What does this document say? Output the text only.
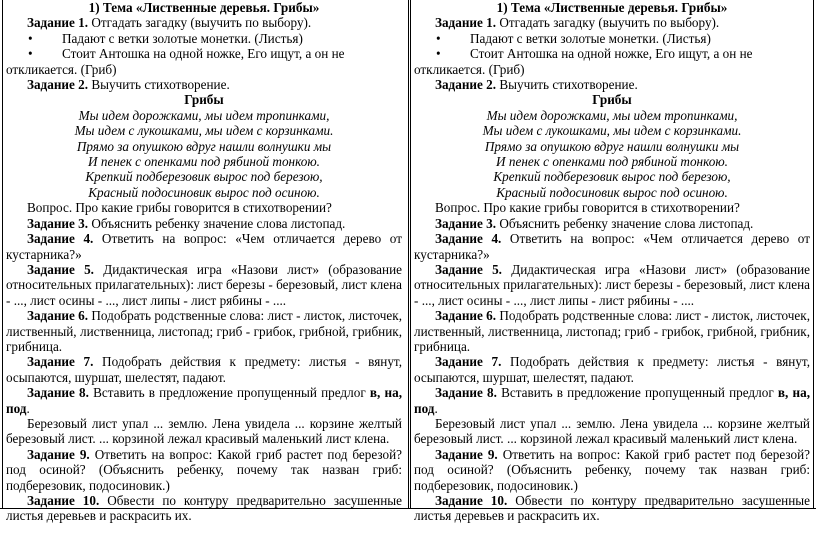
1) Тема «Лиственные деревья. Грибы»
Задание 1. Отгадать загадку (выучить по выбору).
• Падают с ветки золотые монетки. (Листья)
• Стоит Антошка на одной ножке, Его ищут, а он не откликается. (Гриб)
Задание 2. Выучить стихотворение.
Грибы
Мы идем дорожками, мы идем тропинками,
Мы идем с лукошками, мы идем с корзинками.
Прямо за опушкою вдруг нашли волнушки мы
И пенек с опенками под рябиной тонкою.
Крепкий подберезовик вырос под березою,
Красный подосиновик вырос под осиною.
Вопрос. Про какие грибы говорится в стихотворении?
Задание 3. Объяснить ребенку значение слова листопад.
Задание 4. Ответить на вопрос: «Чем отличается дерево от кустарника?»
Задание 5. Дидактическая игра «Назови лист» (образование относительных прилагательных): лист березы - березовый, лист клена - ..., лист осины - ..., лист липы - лист рябины - ....
Задание 6. Подобрать родственные слова: лист - листок, листочек, лиственный, лиственница, листопад; гриб - грибок, грибной, грибник, грибница.
Задание 7. Подобрать действия к предмету: листья - вянут, осыпаются, шуршат, шелестят, падают.
Задание 8. Вставить в предложение пропущенный предлог в, на, под.
Березовый лист упал ... землю. Лена увидела ... корзине желтый березовый лист. ... корзиной лежал красивый маленький лист клена.
Задание 9. Ответить на вопрос: Какой гриб растет под березой? под осиной? (Объяснить ребенку, почему так назван гриб: подберезовик, подосиновик.)
Задание 10. Обвести по контуру предварительно засушенные листья деревьев и раскрасить их.
1) Тема «Лиственные деревья. Грибы»
Задание 1. Отгадать загадку (выучить по выбору).
• Падают с ветки золотые монетки. (Листья)
• Стоит Антошка на одной ножке, Его ищут, а он не откликается. (Гриб)
Задание 2. Выучить стихотворение.
Грибы
Мы идем дорожками, мы идем тропинками,
Мы идем с лукошками, мы идем с корзинками.
Прямо за опушкою вдруг нашли волнушки мы
И пенек с опенками под рябиной тонкою.
Крепкий подберезовик вырос под березою,
Красный подосиновик вырос под осиною.
Вопрос. Про какие грибы говорится в стихотворении?
Задание 3. Объяснить ребенку значение слова листопад.
Задание 4. Ответить на вопрос: «Чем отличается дерево от кустарника?»
Задание 5. Дидактическая игра «Назови лист» (образование относительных прилагательных): лист березы - березовый, лист клена - ..., лист осины - ..., лист липы - лист рябины - ....
Задание 6. Подобрать родственные слова: лист - листок, листочек, лиственный, лиственница, листопад; гриб - грибок, грибной, грибник, грибница.
Задание 7. Подобрать действия к предмету: листья - вянут, осыпаются, шуршат, шелестят, падают.
Задание 8. Вставить в предложение пропущенный предлог в, на, под.
Березовый лист упал ... землю. Лена увидела ... корзине желтый березовый лист. ... корзиной лежал красивый маленький лист клена.
Задание 9. Ответить на вопрос: Какой гриб растет под березой? под осиной? (Объяснить ребенку, почему так назван гриб: подберезовик, подосиновик.)
Задание 10. Обвести по контуру предварительно засушенные листья деревьев и раскрасить их.
